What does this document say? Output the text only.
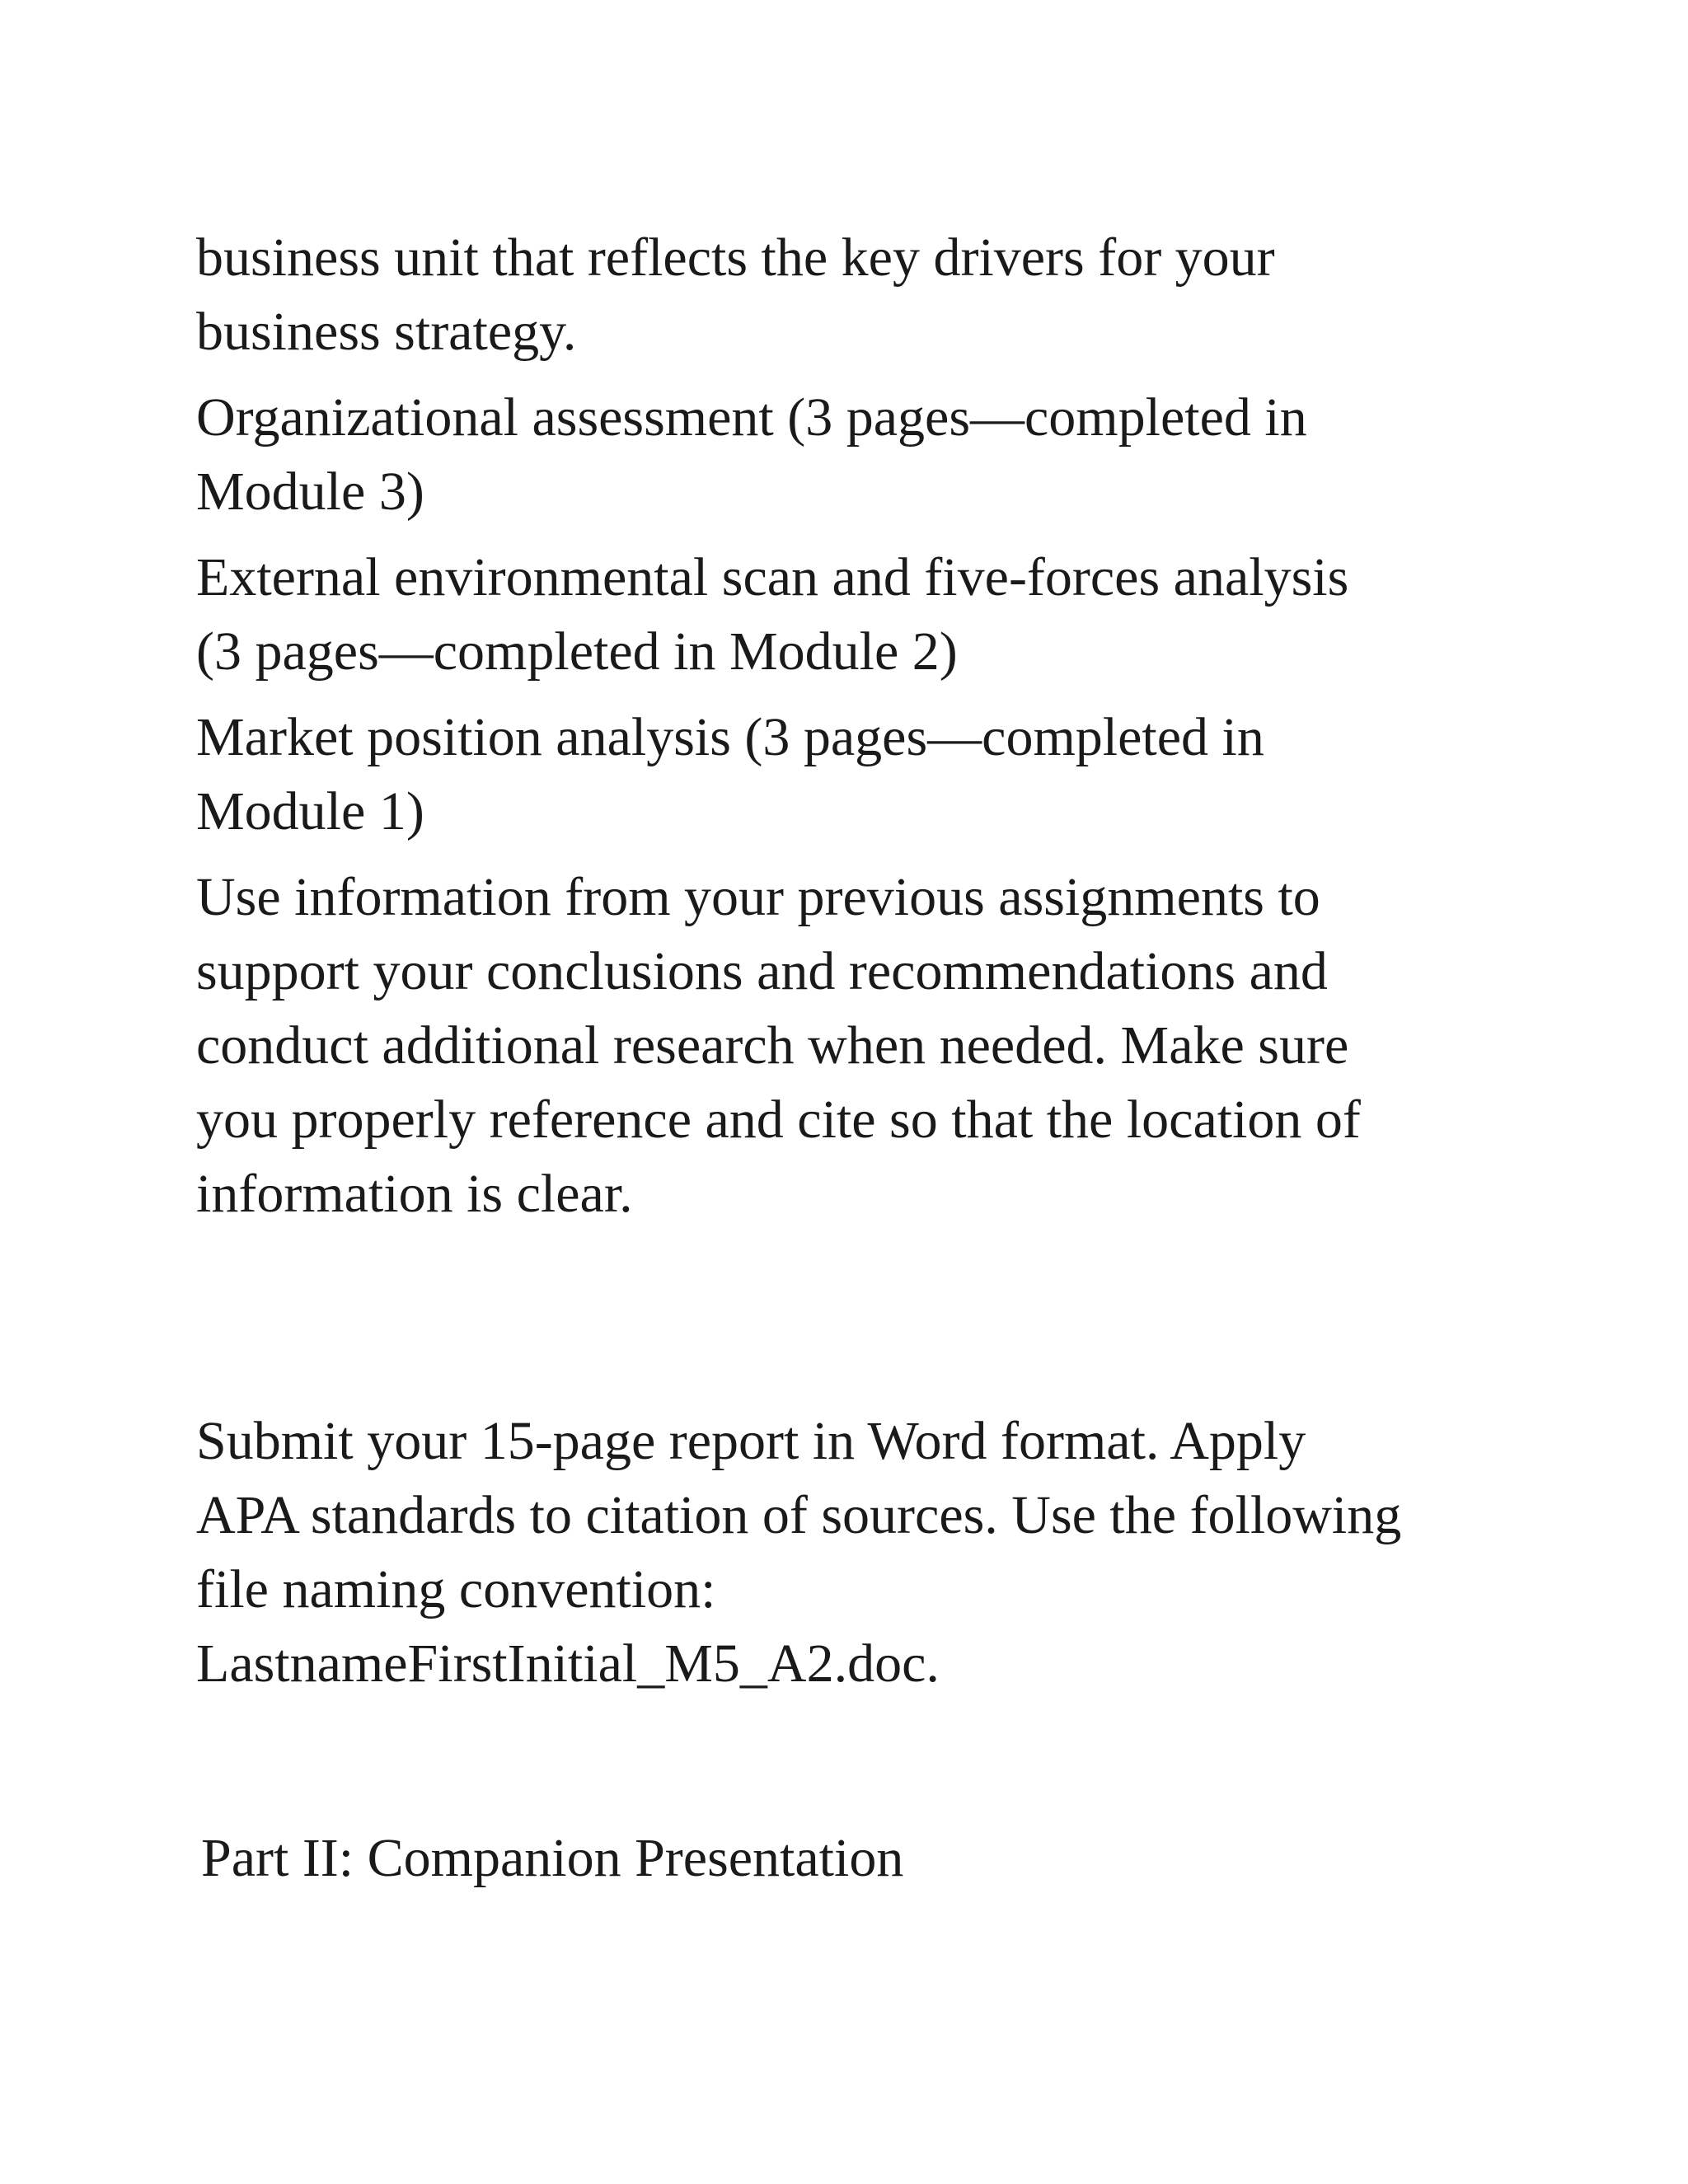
business unit that reflects the key drivers for your
business strategy.

Organizational assessment (3 pages—completed in
Module 3)

External environmental scan and five-forces analysis
(3 pages—completed in Module 2)

Market position analysis (3 pages—completed in
Module 1)

Use information from your previous assignments to
support your conclusions and recommendations and
conduct additional research when needed. Make sure
you properly reference and cite so that the location of
information is clear.

Submit your 15-page report in Word format. Apply
APA standards to citation of sources. Use the following
file naming convention:
LastnameFirstInitial_M5_A2.doc.

Part II: Companion Presentation
